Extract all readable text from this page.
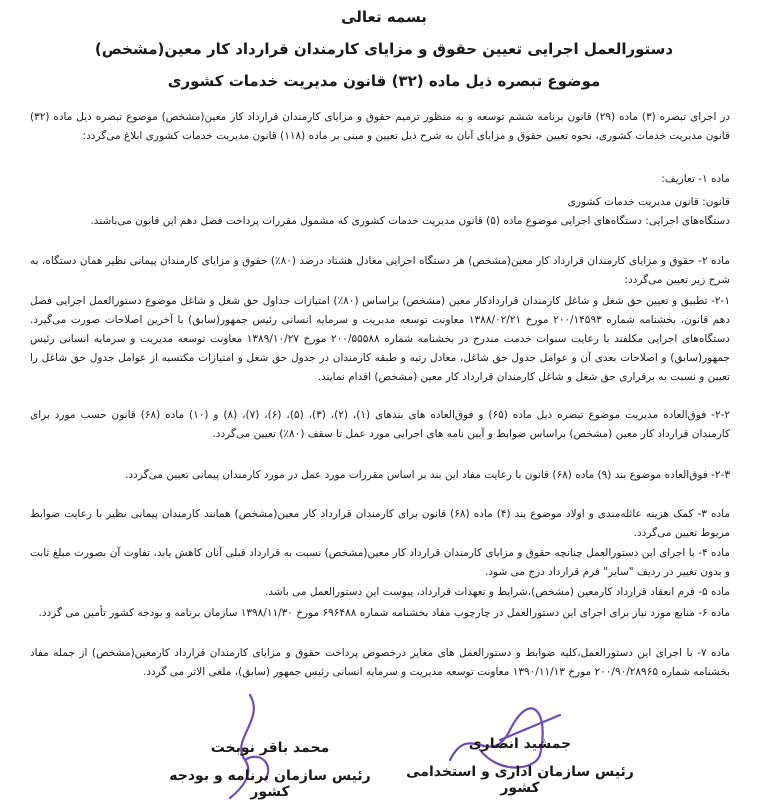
بسمه تعالی
دستورالعمل اجرایی تعیین حقوق و مزایای کارمندان قرارداد کار معین(مشخص)
موضوع تبصره ذیل ماده (۳۲) قانون مدیریت خدمات کشوری
در اجرای تبصره (۳) ماده (۲۹) قانون برنامه ششم توسعه و به منظور ترمیم حقوق و مزایای کارمندان قرارداد کار معین(مشخص) موضوع تبصره ذیل ماده (۳۲) قانون مدیریت خدمات کشوری، نحوه تعیین حقوق و مزایای آنان به شرح ذیل تعیین و مبنی بر ماده (۱۱۸) قانون مدیریت خدمات کشوری ابلاغ می‌گردد:
ماده ۱- تعاریف:
قانون: قانون مدیریت خدمات کشوری
دستگاه‌های اجرایی: دستگاه‌های اجرایی موضوع ماده (۵) قانون مدیریت خدمات کشوری که مشمول مقررات پرداخت فصل دهم این قانون می‌باشند.
ماده ۲- حقوق و مزایای کارمندان قرارداد کار معین(مشخص) هر دستگاه اجرایی معادل هشتاد درصد (۸۰٪) حقوق و مزایای کارمندان پیمانی نظیر همان دستگاه، به شرح زیر تعیین می‌گردد:
۲-۱- تطبیق و تعیین حق شغل و شاغل کارمندان قراردادکار معین (مشخص) براساس (۸۰٪) امتیازات جداول حق شغل و شاغل موضوع دستورالعمل اجرایی فصل دهم قانون، بخشنامه شماره ۲۰۰/۱۴۵۹۳ مورخ ۱۳۸۸/۰۲/۲۱ معاونت توسعه مدیریت و سرمایه انسانی رئیس جمهور(سابق) با آخرین اصلاحات صورت می‌گیرد. دستگاه‌های اجرایی مکلفند با رعایت سنوات خدمت مندرج در بخشنامه شماره ۲۰۰/۵۵۵۸۸ مورخ ۱۳۸۹/۱۰/۲۷ معاونت توسعه مدیریت و سرمایه انسانی رئیس جمهور(سابق) و اصلاحات بعدی آن و عوامل جدول حق شاغل، معادل رتبه و طبقه کارمندان در جدول حق شغل و امتیازات مکتسبه از عوامل جدول حق شاغل را تعیین و نسبت به برقراری حق شغل و شاغل کارمندان قرارداد کار معین (مشخص) اقدام نمایند.
۲-۲- فوق‌العاده مدیریت موضوع تبصره ذیل ماده (۶۵) و فوق‌العاده های بندهای (۱)، (۲)، (۳)، (۵)، (۶)، (۷)، (۸) و (۱۰) ماده (۶۸) قانون حسب مورد برای کارمندان قرارداد کار معین (مشخص) براساس ضوابط و آیین نامه های اجرایی مورد عمل تا سقف (۸۰٪) تعیین می‌گردد.
۲-۳- فوق‌العاده موضوع بند (۹) ماده (۶۸) قانون با رعایت مفاد این بند بر اساس مقررات مورد عمل در مورد کارمندان پیمانی تعیین می‌گردد.
ماده ۳- کمک هزینه عائله‌مندی و اولاد موضوع بند (۴) ماده (۶۸) قانون برای کارمندان قرارداد کار معین(مشخص) همانند کارمندان پیمانی نظیر با رعایت ضوابط مربوط تعیین می‌گردد.
ماده ۴- با اجرای این دستورالعمل چنانچه حقوق و مزایای کارمندان قرارداد کار معین(مشخص) نسبت به قرارداد قبلی آنان کاهش یابد، تفاوت آن بصورت مبلغ ثابت و بدون تغییر در ردیف "سایر" فرم قرارداد درج می شود.
ماده ۵- فرم انعقاد قرارداد کارمعین (مشخص)،شرایط و تعهدات قرارداد، پیوست این دستورالعمل می باشد.
ماده ۶- منابع مورد نیاز برای اجرای این دستورالعمل در چارچوب مفاد بخشنامه شماره ۶۹۶۴۸۸ مورخ ۱۳۹۸/۱۱/۳۰ سازمان برنامه و بودجه کشور تأمین می گردد.
ماده ۷- با اجرای این دستورالعمل،کلیه ضوابط و دستورالعمل های مغایر درخصوص پرداخت حقوق و مزایای کارمندان قرارداد کارمعین(مشخص) از جمله مفاد بخشنامه شماره ۲۰۰/۹۰/۲۸۹۶۵ مورخ ۱۳۹۰/۱۱/۱۳ معاونت توسعه مدیریت و سرمایه انسانی رئیس جمهور (سابق)، ملغی الاثر می گردد.
جمشید انصاری
رئیس سازمان اداری و استخدامی کشور
محمد باقر نوبخت
رئیس سازمان برنامه و بودجه کشور
